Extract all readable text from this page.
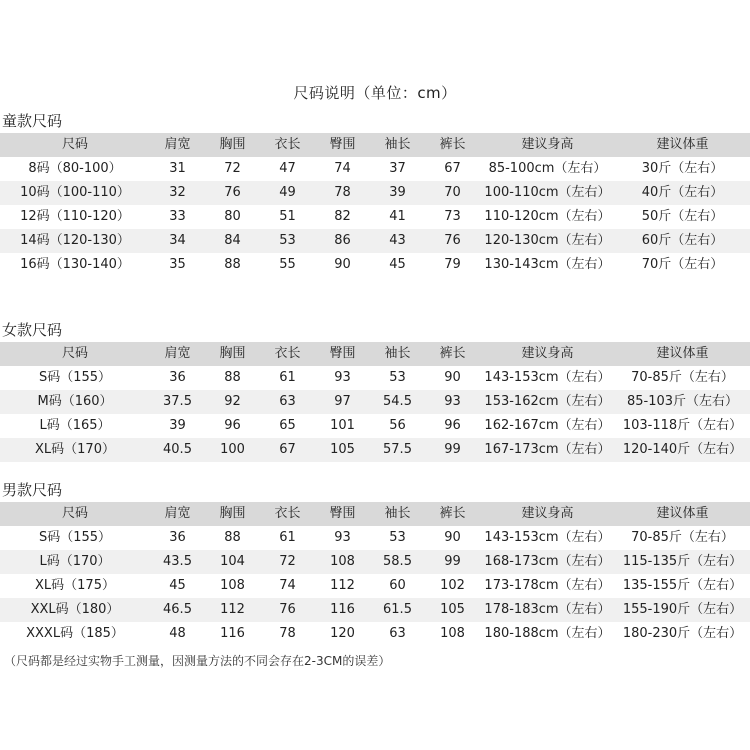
尺码说明（单位：cm）
童款尺码
尺码	肩宽	胸围	衣长	臀围	袖长	裤长	建议身高	建议体重
8码（80-100）	31	72	47	74	37	67	85-100cm（左右）	30斤（左右）
10码（100-110）	32	76	49	78	39	70	100-110cm（左右）	40斤（左右）
12码（110-120）	33	80	51	82	41	73	110-120cm（左右）	50斤（左右）
14码（120-130）	34	84	53	86	43	76	120-130cm（左右）	60斤（左右）
16码（130-140）	35	88	55	90	45	79	130-143cm（左右）	70斤（左右）
女款尺码
尺码	肩宽	胸围	衣长	臀围	袖长	裤长	建议身高	建议体重
S码（155）	36	88	61	93	53	90	143-153cm（左右）	70-85斤（左右）
M码（160）	37.5	92	63	97	54.5	93	153-162cm（左右）	85-103斤（左右）
L码（165）	39	96	65	101	56	96	162-167cm（左右）	103-118斤（左右）
XL码（170）	40.5	100	67	105	57.5	99	167-173cm（左右）	120-140斤（左右）
男款尺码
尺码	肩宽	胸围	衣长	臀围	袖长	裤长	建议身高	建议体重
S码（155）	36	88	61	93	53	90	143-153cm（左右）	70-85斤（左右）
L码（170）	43.5	104	72	108	58.5	99	168-173cm（左右）	115-135斤（左右）
XL码（175）	45	108	74	112	60	102	173-178cm（左右）	135-155斤（左右）
XXL码（180）	46.5	112	76	116	61.5	105	178-183cm（左右）	155-190斤（左右）
XXXL码（185）	48	116	78	120	63	108	180-188cm（左右）	180-230斤（左右）
（尺码都是经过实物手工测量，因测量方法的不同会存在2-3CM的误差）
